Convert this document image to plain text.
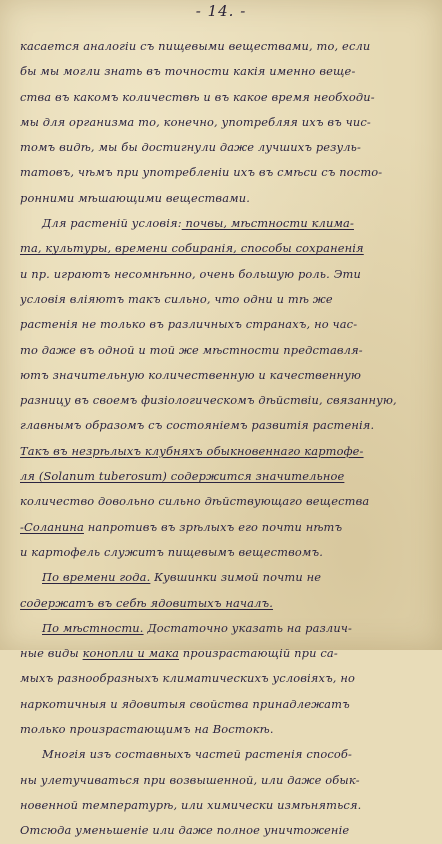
- 14. -
касается аналогіи съ пищевыми веществами, то, если
бы мы могли знать въ точности какія именно веще-
ства въ какомъ количествѣ и въ какое время необходи-
мы для организма то, конечно, употребляя ихъ въ чис-
томъ видѣ, мы бы достигнули даже лучшихъ резуль-
татовъ, чѣмъ при употребленіи ихъ въ смѣси съ посто-
ронними мѣшающими веществами.
Для растеній условія: почвы, мѣстности клима-
та, культуры, времени собиранія, способы сохраненія
и пр. играютъ несомнѣнно, очень большую роль. Эти
условія вліяютъ такъ сильно, что одни и тѣ же
растенія не только въ различныхъ странахъ, но час-
то даже въ одной и той же мѣстности представля-
ютъ значительную количественную и качественную
разницу въ своемъ физіологическомъ дѣйствіи, связанную,
главнымъ образомъ съ состояніемъ развитія растенія.
Такъ въ незрѣлыхъ клубняхъ обыкновеннаго картофе-
ля (Solanum tuberosum) содержится значительное
количество довольно сильно дѣйствующаго вещества
-Соланина напротивъ въ зрѣлыхъ его почти нѣтъ
и картофель служитъ пищевымъ веществомъ.
По времени года. Кувшинки зимой почти не
содержатъ въ себѣ ядовитыхъ началъ.
По мѣстности. Достаточно указать на различ-
ные виды конопли и мака произрастающій при са-
мыхъ разнообразныхъ климатическихъ условіяхъ, но
наркотичныя и ядовитыя свойства принадлежатъ
только произрастающимъ на Востокѣ.
Многія изъ составныхъ частей растенія способ-
ны улетучиваться при возвышенной, или даже обык-
новенной температурѣ, или химически измѣняться.
Отсюда уменьшеніе или даже полное уничтоженіе
